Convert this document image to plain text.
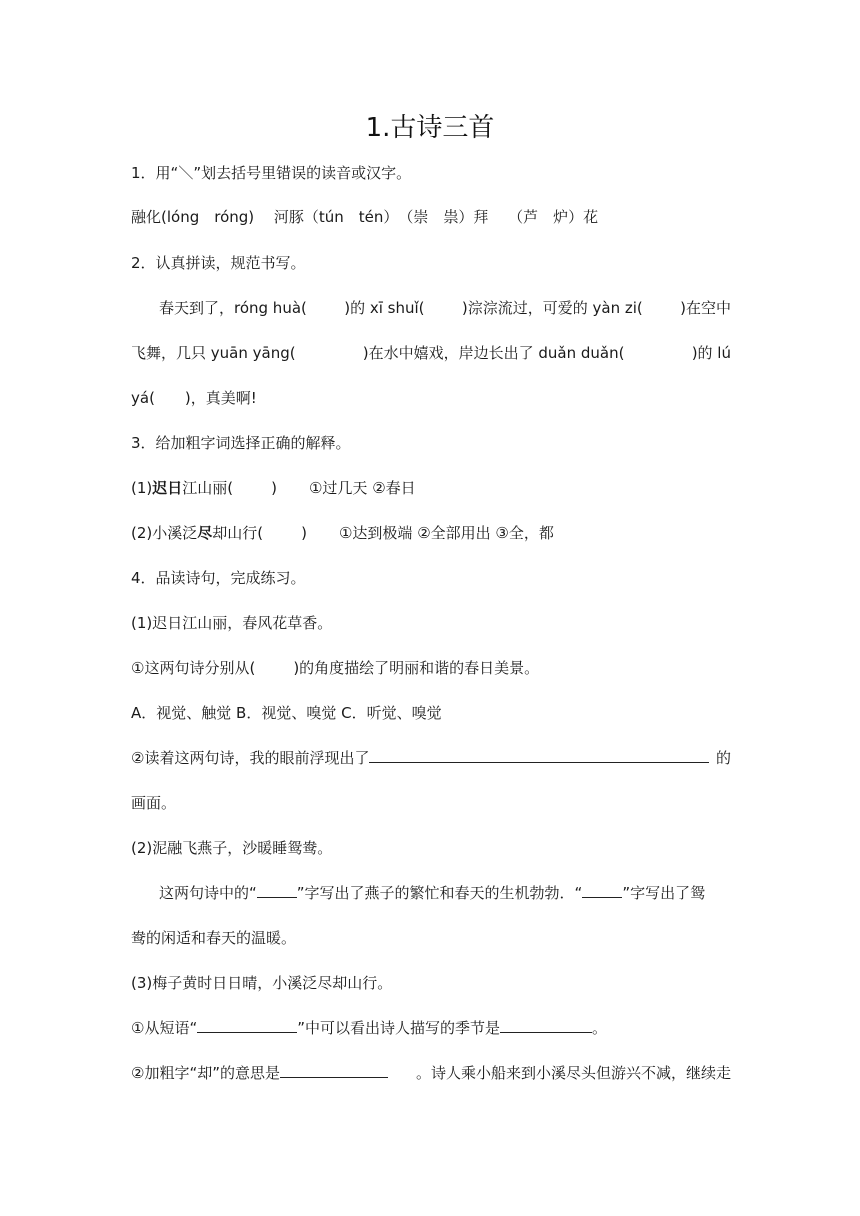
1.古诗三首
1．用“＼”划去括号里错误的读音或汉字。
融化(lóng　róng)　 河豚（tún　tén）　（崇　祟）拜　 （芦　炉）花
2．认真拼读，规范书写。
春天到了，róng huà( )的 xī shuǐ( )淙淙流过，可爱的 yàn zi( )在空中
飞舞，几只 yuān yāng(	)在水中嬉戏，岸边长出了 duǎn duǎn(	)的 lú
yá( )，真美啊!
3．给加粗字词选择正确的解释。
(1)迟日江山丽(	) ①过几天 ②春日
(2)小溪泛尽却山行(	) ①达到极端 ②全部用出 ③全，都
4．品读诗句，完成练习。
(1)迟日江山丽，春风花草香。
①这两句诗分别从(	)的角度描绘了明丽和谐的春日美景。
A．视觉、触觉 B．视觉、嗅觉 C．听觉、嗅觉
②读着这两句诗，我的眼前浮现出了	的
画面。
(2)泥融飞燕子，沙暖睡鸳鸯。
这两句诗中的“	”字写出了燕子的繁忙和春天的生机勃勃．“	”字写出了鸳
鸯的闲适和春天的温暖。
(3)梅子黄时日日晴，小溪泛尽却山行。
①从短语“	”中可以看出诗人描写的季节是	。
②加粗字“却”的意思是	。诗人乘小船来到小溪尽头但游兴不减，继续走
